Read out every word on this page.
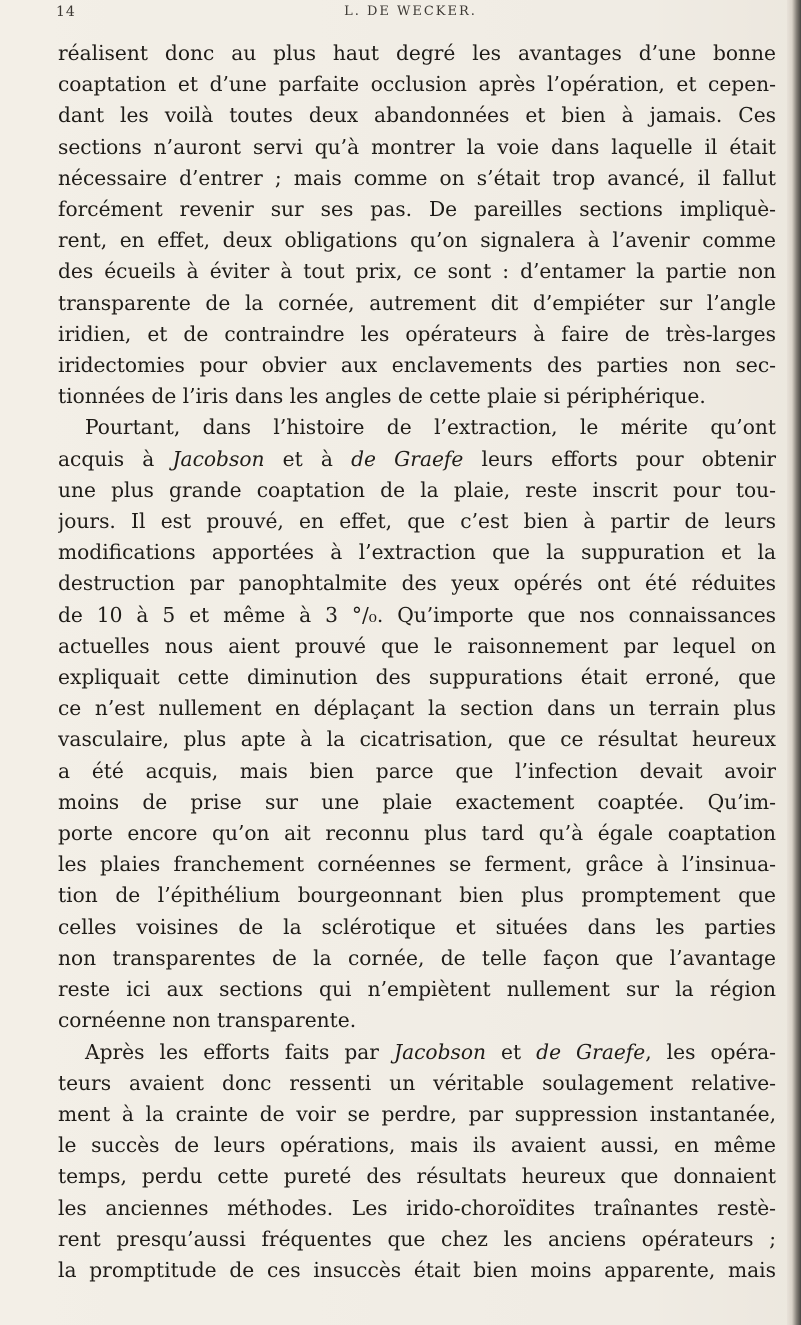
14	L. DE WECKER.

réalisent donc au plus haut degré les avantages d’une bonne
coaptation et d’une parfaite occlusion après l’opération, et cepen-
dant les voilà toutes deux abandonnées et bien à jamais. Ces
sections n’auront servi qu’à montrer la voie dans laquelle il était
nécessaire d’entrer ; mais comme on s’était trop avancé, il fallut
forcément revenir sur ses pas. De pareilles sections impliquè-
rent, en effet, deux obligations qu’on signalera à l’avenir comme
des écueils à éviter à tout prix, ce sont : d’entamer la partie non
transparente de la cornée, autrement dit d’empiéter sur l’angle
iridien, et de contraindre les opérateurs à faire de très-larges
iridectomies pour obvier aux enclavements des parties non sec-
tionnées de l’iris dans les angles de cette plaie si périphérique.

Pourtant, dans l’histoire de l’extraction, le mérite qu’ont
acquis à Jacobson et à de Graefe leurs efforts pour obtenir
une plus grande coaptation de la plaie, reste inscrit pour tou-
jours. Il est prouvé, en effet, que c’est bien à partir de leurs
modifications apportées à l’extraction que la suppuration et la
destruction par panophtalmite des yeux opérés ont été réduites
de 10 à 5 et même à 3 °/₀. Qu’importe que nos connaissances
actuelles nous aient prouvé que le raisonnement par lequel on
expliquait cette diminution des suppurations était erroné, que
ce n’est nullement en déplaçant la section dans un terrain plus
vasculaire, plus apte à la cicatrisation, que ce résultat heureux
a été acquis, mais bien parce que l’infection devait avoir
moins de prise sur une plaie exactement coaptée. Qu’im-
porte encore qu’on ait reconnu plus tard qu’à égale coaptation
les plaies franchement cornéennes se ferment, grâce à l’insinua-
tion de l’épithélium bourgeonnant bien plus promptement que
celles voisines de la sclérotique et situées dans les parties
non transparentes de la cornée, de telle façon que l’avantage
reste ici aux sections qui n’empiètent nullement sur la région
cornéenne non transparente.

Après les efforts faits par Jacobson et de Graefe, les opéra-
teurs avaient donc ressenti un véritable soulagement relative-
ment à la crainte de voir se perdre, par suppression instantanée,
le succès de leurs opérations, mais ils avaient aussi, en même
temps, perdu cette pureté des résultats heureux que donnaient
les anciennes méthodes. Les irido-choroïdites traînantes restè-
rent presqu’aussi fréquentes que chez les anciens opérateurs ;
la promptitude de ces insuccès était bien moins apparente, mais
